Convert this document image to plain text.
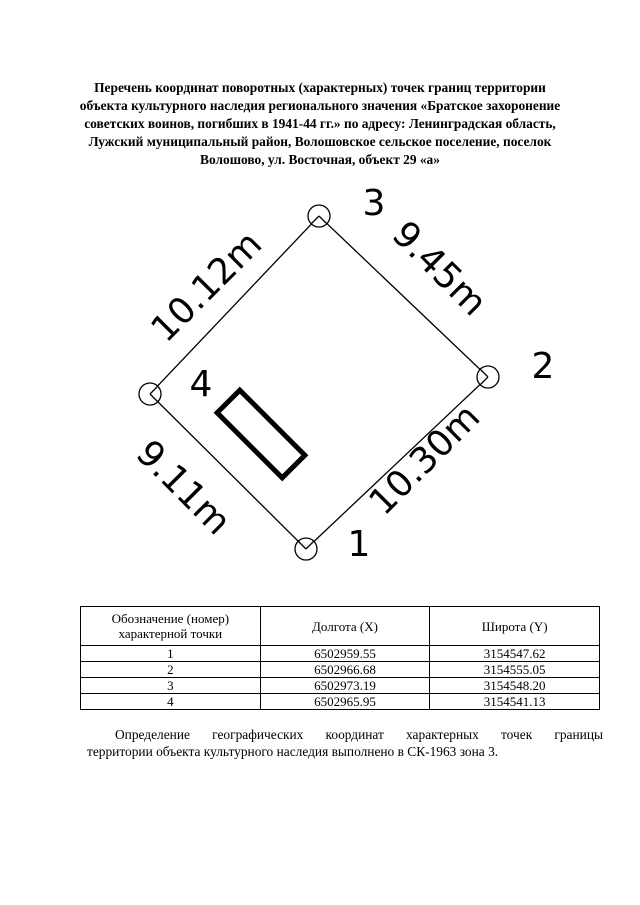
Перечень координат поворотных (характерных) точек границ территории
объекта культурного наследия регионального значения «Братское захоронение
советских воинов, погибших в 1941-44 гг.» по адресу: Ленинградская область,
Лужский муниципальный район, Волошовское сельское поселение, поселок
Волошово, ул. Восточная, объект 29 «а»
1
2
3
4
10.12m	9.45m
10.30m
9.11m
Обозначение (номер) характерной точки	Долгота (X)	Широта (Y)
1	6502959.55	3154547.62
2	6502966.68	3154555.05
3	6502973.19	3154548.20
4	6502965.95	3154541.13
Определение географических координат характерных точек границы
территории объекта культурного наследия выполнено в СК-1963 зона 3.
